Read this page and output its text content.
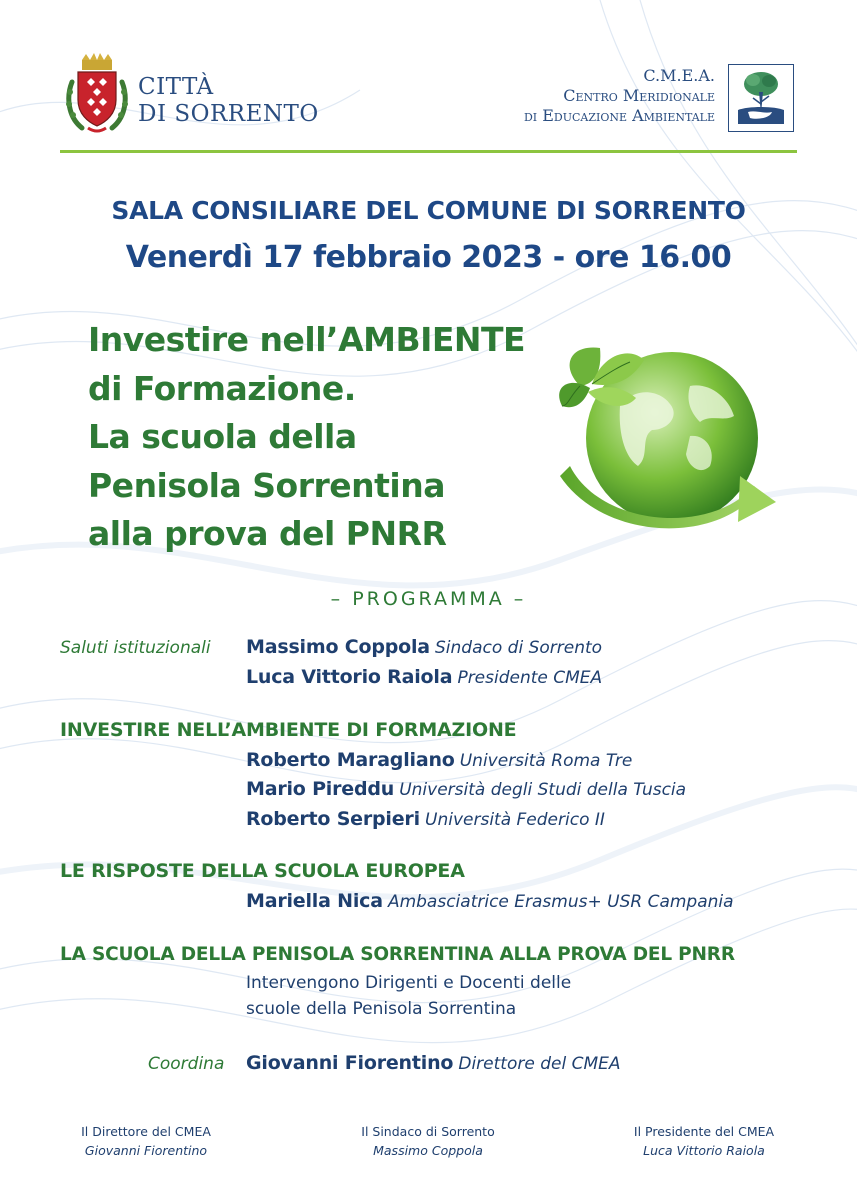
CITTÀ
DI SORRENTO
C.M.E.A.
Centro Meridionale
di Educazione Ambientale
SALA CONSILIARE DEL COMUNE DI SORRENTO
Venerdì 17 febbraio 2023 - ore 16.00
Investire nell’AMBIENTE
di Formazione.
La scuola della
Penisola Sorrentina
alla prova del PNRR
– PROGRAMMA –
Saluti istituzionali Massimo Coppola Sindaco di Sorrento
Luca Vittorio Raiola Presidente CMEA
INVESTIRE NELL’AMBIENTE DI FORMAZIONE
Roberto Maragliano Università Roma Tre
Mario Pireddu Università degli Studi della Tuscia
Roberto Serpieri Università Federico II
LE RISPOSTE DELLA SCUOLA EUROPEA
Mariella Nica Ambasciatrice Erasmus+ USR Campania
LA SCUOLA DELLA PENISOLA SORRENTINA ALLA PROVA DEL PNRR
Intervengono Dirigenti e Docenti delle
scuole della Penisola Sorrentina
Coordina Giovanni Fiorentino Direttore del CMEA
Il Direttore del CMEA
Giovanni Fiorentino
Il Sindaco di Sorrento
Massimo Coppola
Il Presidente del CMEA
Luca Vittorio Raiola
